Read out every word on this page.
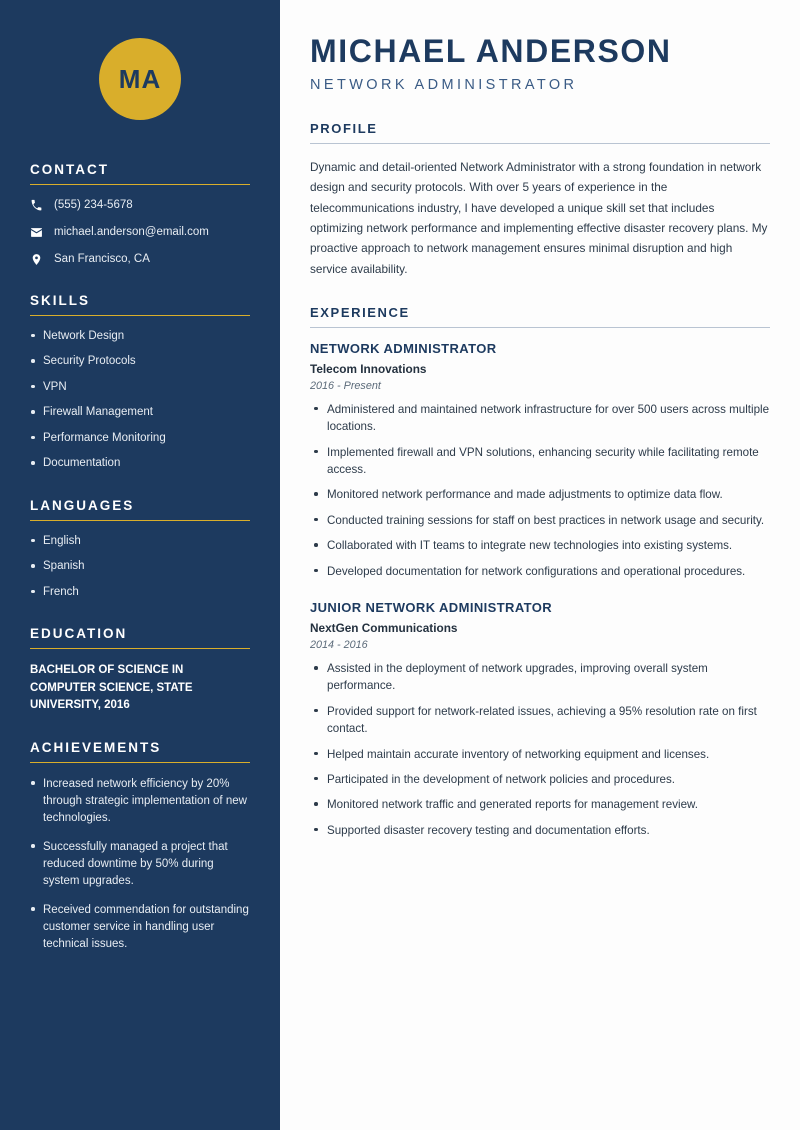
MA
CONTACT
(555) 234-5678
michael.anderson@email.com
San Francisco, CA
SKILLS
Network Design
Security Protocols
VPN
Firewall Management
Performance Monitoring
Documentation
LANGUAGES
English
Spanish
French
EDUCATION
BACHELOR OF SCIENCE IN COMPUTER SCIENCE, STATE UNIVERSITY, 2016
ACHIEVEMENTS
Increased network efficiency by 20% through strategic implementation of new technologies.
Successfully managed a project that reduced downtime by 50% during system upgrades.
Received commendation for outstanding customer service in handling user technical issues.
MICHAEL ANDERSON
NETWORK ADMINISTRATOR
PROFILE

Dynamic and detail-oriented Network Administrator with a strong foundation in network design and security protocols. With over 5 years of experience in the telecommunications industry, I have developed a unique skill set that includes optimizing network performance and implementing effective disaster recovery plans. My proactive approach to network management ensures minimal disruption and high service availability.

EXPERIENCE
NETWORK ADMINISTRATOR
Telecom Innovations
2016 - Present
Administered and maintained network infrastructure for over 500 users across multiple locations.
Implemented firewall and VPN solutions, enhancing security while facilitating remote access.
Monitored network performance and made adjustments to optimize data flow.
Conducted training sessions for staff on best practices in network usage and security.
Collaborated with IT teams to integrate new technologies into existing systems.
Developed documentation for network configurations and operational procedures.
JUNIOR NETWORK ADMINISTRATOR
NextGen Communications
2014 - 2016
Assisted in the deployment of network upgrades, improving overall system performance.
Provided support for network-related issues, achieving a 95% resolution rate on first contact.
Helped maintain accurate inventory of networking equipment and licenses.
Participated in the development of network policies and procedures.
Monitored network traffic and generated reports for management review.
Supported disaster recovery testing and documentation efforts.
